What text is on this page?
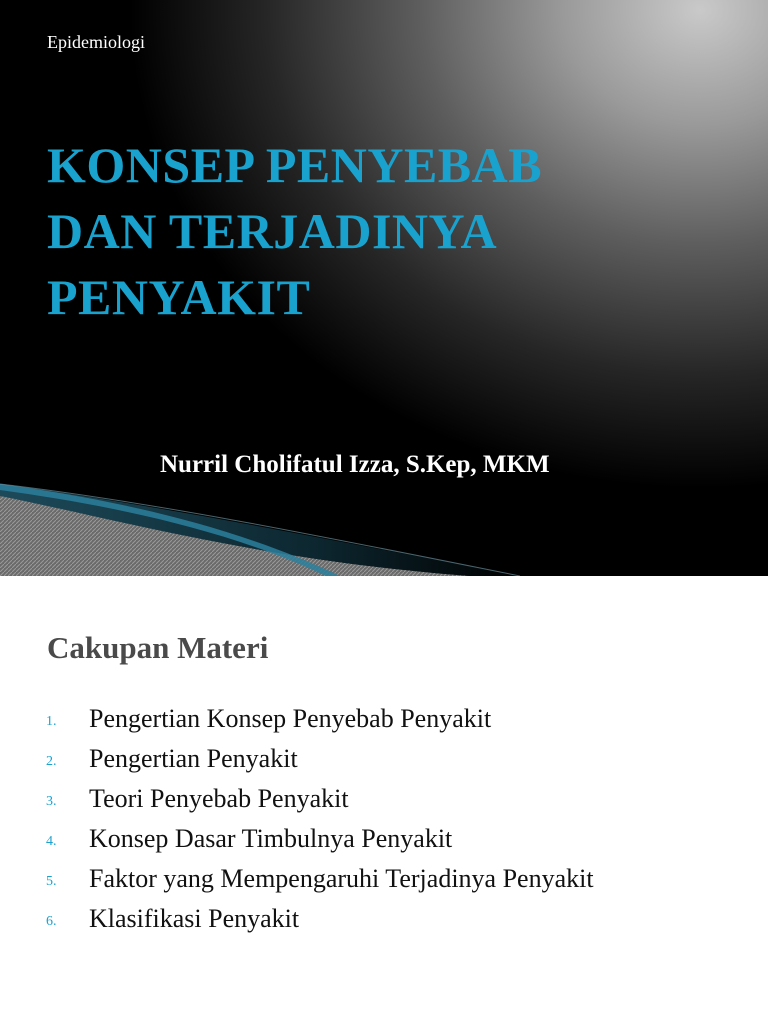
Epidemiologi
KONSEP PENYEBAB
DAN TERJADINYA
PENYAKIT
Nurril Cholifatul Izza, S.Kep, MKM
Cakupan Materi
1. Pengertian Konsep Penyebab Penyakit
2. Pengertian Penyakit
3. Teori Penyebab Penyakit
4. Konsep Dasar Timbulnya Penyakit
5. Faktor yang Mempengaruhi Terjadinya Penyakit
6. Klasifikasi Penyakit
